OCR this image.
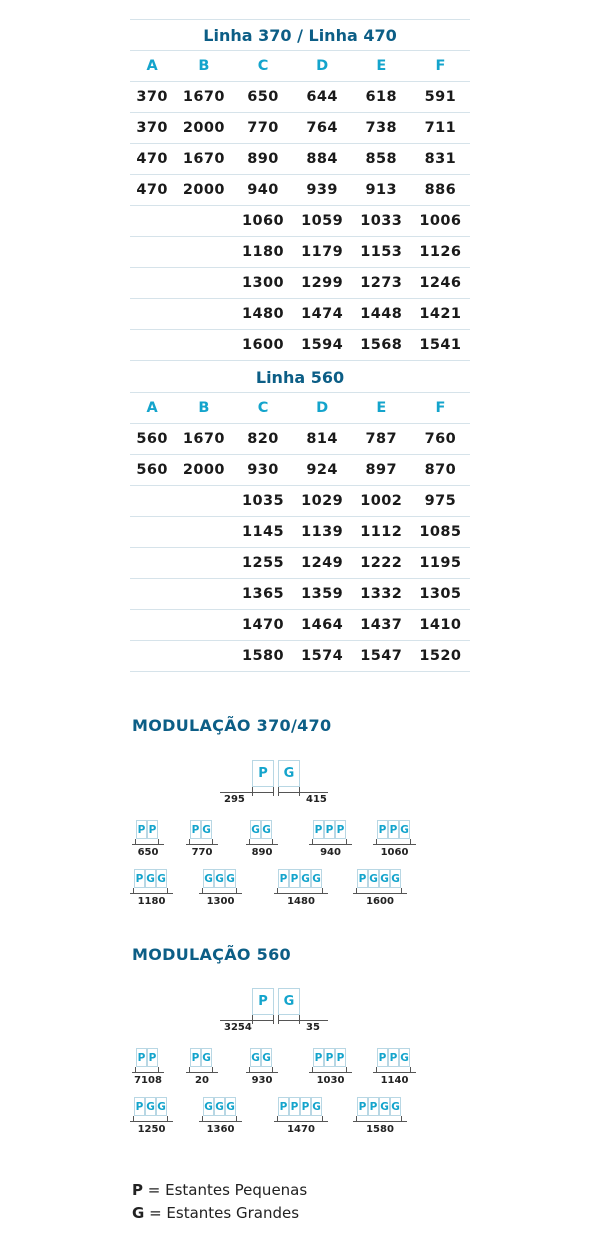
Linha 370 / Linha 470					
A	B	C	D	E	F
370	1670	650	644	618	591
370	2000	770	764	738	711
470	1670	890	884	858	831
470	2000	940	939	913	886
		1060	1059	1033	1006
		1180	1179	1153	1126
		1300	1299	1273	1246
		1480	1474	1448	1421
		1600	1594	1568	1541
Linha 560					
A	B	C	D	E	F
560	1670	820	814	787	760
560	2000	930	924	897	870
		1035	1029	1002	975
		1145	1139	1112	1085
		1255	1249	1222	1195
		1365	1359	1332	1305
		1470	1464	1437	1410
		1580	1574	1547	1520
MODULAÇÃO 370/470
P	G
295	415
P P
650
P G
770
G G
890
P P P
940
P P G
1060
P G G
1180
G G G
1300
P P G G
1480
P G G G
1600
MODULAÇÃO 560
P	G
3254	35
P P
7108
P G
20
G G
930
P P P
1030
P P G
1140
P G G
1250
G G G
1360
P P P G
1470
P P G G
1580
P = Estantes Pequenas
G = Estantes Grandes
